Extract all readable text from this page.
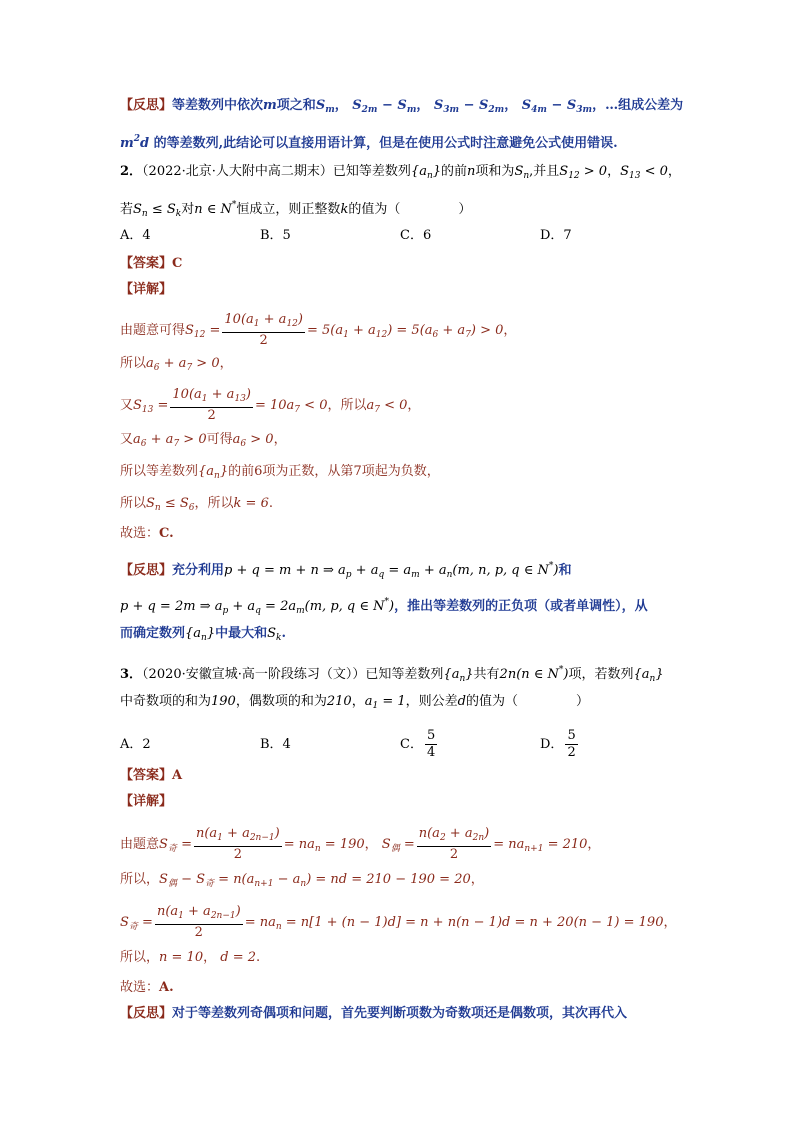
【反思】等差数列中依次m项之和$S_m$， $S_{2m} - S_m$， $S_{3m} - S_{2m}$， $S_{4m} - S_{3m}$，…组成公差为
$m^2d$ 的等差数列,此结论可以直接用语计算，但是在使用公式时注意避免公式使用错误.
2．（2022·北京·人大附中高二期末）已知等差数列$\{a_n\}$的前n项和为$S_n$,并且$S_{12} > 0$，$S_{13} < 0$，
若$S_n \le S_k$对n ∈ N*恒成立，则正整数k的值为（	）
A．4	B．5	C．6	D．7
【答案】C
【详解】
由题意可得$S_{12} = \frac{10(a_1 + a_{12})}{2} = 5(a_1 + a_{12}) = 5(a_6 + a_7) > 0$，
所以$a_6 + a_7 > 0$，
又$S_{13} = \frac{10(a_1 + a_{13})}{2} = 10a_7 < 0$，所以$a_7 < 0$，
又$a_6 + a_7 > 0$可得$a_6 > 0$，
所以等差数列$\{a_n\}$的前6项为正数，从第7项起为负数，
所以$S_n \le S_6$，所以k = 6.
故选：C.
【反思】充分利用p + q = m + n ⇒ $a_p + a_q = a_m + a_n(m$, n, p, q ∈ N*)和
p + q = 2m ⇒ $a_p + a_q = 2a_m(m$, p, q ∈ N*)，推出等差数列的正负项（或者单调性），从
而确定数列$\{a_n\}$中最大和$S_k$.
3．（2020·安徽宣城·高一阶段练习（文））已知等差数列$\{a_n\}$共有2n(n ∈ N*)项，若数列$\{a_n\}$
中奇数项的和为190，偶数项的和为210，$a_1 = 1$，则公差d的值为（	）
A．2	B．4	C． $\frac{5}{4}$	D． $\frac{5}{2}$
【答案】A
【详解】
由题意$S_奇 = \frac{n(a_1 + a_{2n-1})}{2} = na_n = 190$， $S_偶 = \frac{n(a_2 + a_{2n})}{2} = na_{n+1} = 210$，
所以，$S_偶 - S_奇 = n(a_{n+1} - a_n)$ = nd = 210 − 190 = 20，
$S_奇 = \frac{n(a_1 + a_{2n-1})}{2} = na_n = n[1 + (n - 1)d] = n + n(n - 1)d = n + 20(n - 1) = 190$，
所以，n = 10， d = 2.
故选：A.
【反思】对于等差数列奇偶项和问题，首先要判断项数为奇数项还是偶数项，其次再代入
